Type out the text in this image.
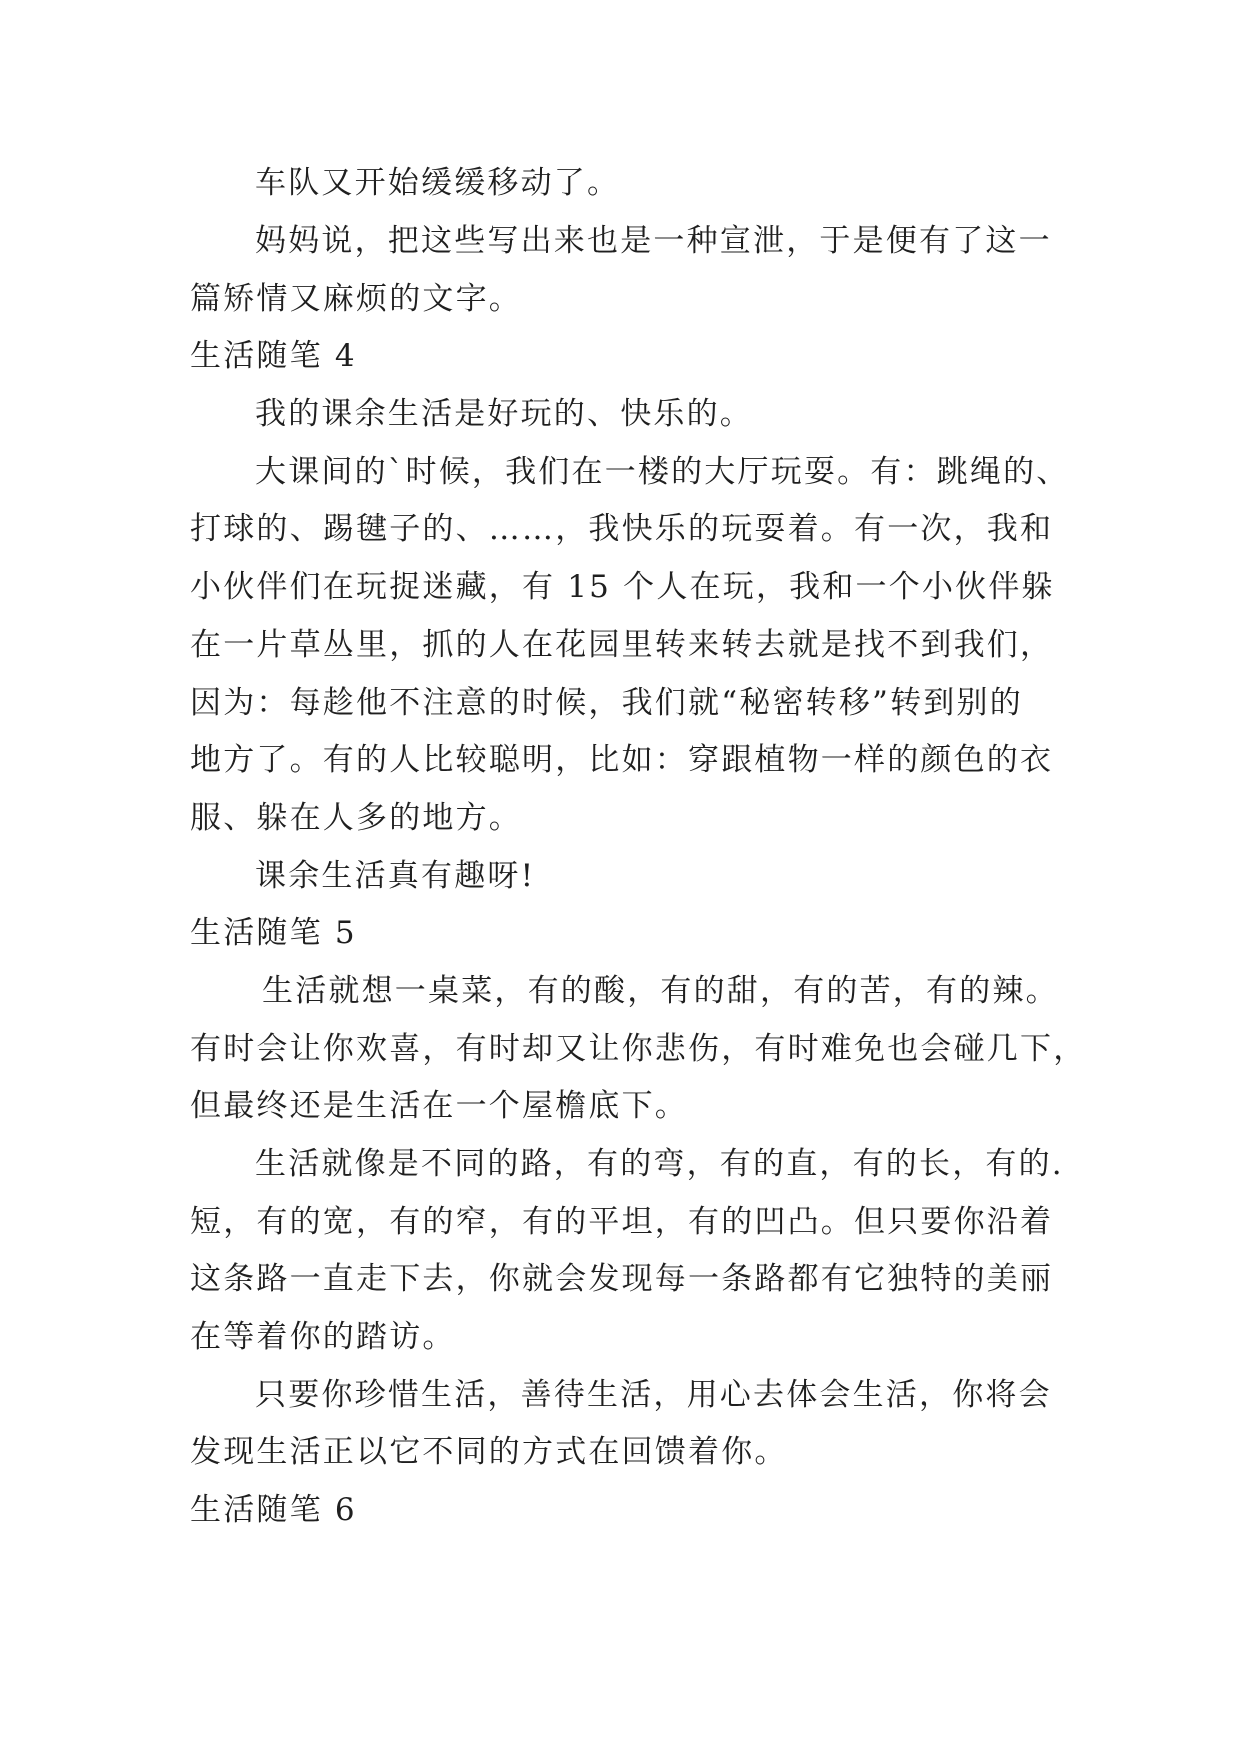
车队又开始缓缓移动了。
妈妈说，把这些写出来也是一种宣泄，于是便有了这一
篇矫情又麻烦的文字。
生活随笔 4
我的课余生活是好玩的、快乐的。
大课间的`时候，我们在一楼的大厅玩耍。有：跳绳的、
打球的、踢毽子的、……，我快乐的玩耍着。有一次，我和
小伙伴们在玩捉迷藏，有 15 个人在玩，我和一个小伙伴躲
在一片草丛里，抓的人在花园里转来转去就是找不到我们，
因为：每趁他不注意的时候，我们就“秘密转移”转到别的
地方了。有的人比较聪明，比如：穿跟植物一样的颜色的衣
服、躲在人多的地方。
课余生活真有趣呀!
生活随笔 5
生活就想一桌菜，有的酸，有的甜，有的苦，有的辣。
有时会让你欢喜，有时却又让你悲伤，有时难免也会碰几下，
但最终还是生活在一个屋檐底下。
生活就像是不同的路，有的弯，有的直，有的长，有的.
短，有的宽，有的窄，有的平坦，有的凹凸。但只要你沿着
这条路一直走下去，你就会发现每一条路都有它独特的美丽
在等着你的踏访。
只要你珍惜生活，善待生活，用心去体会生活，你将会
发现生活正以它不同的方式在回馈着你。
生活随笔 6
